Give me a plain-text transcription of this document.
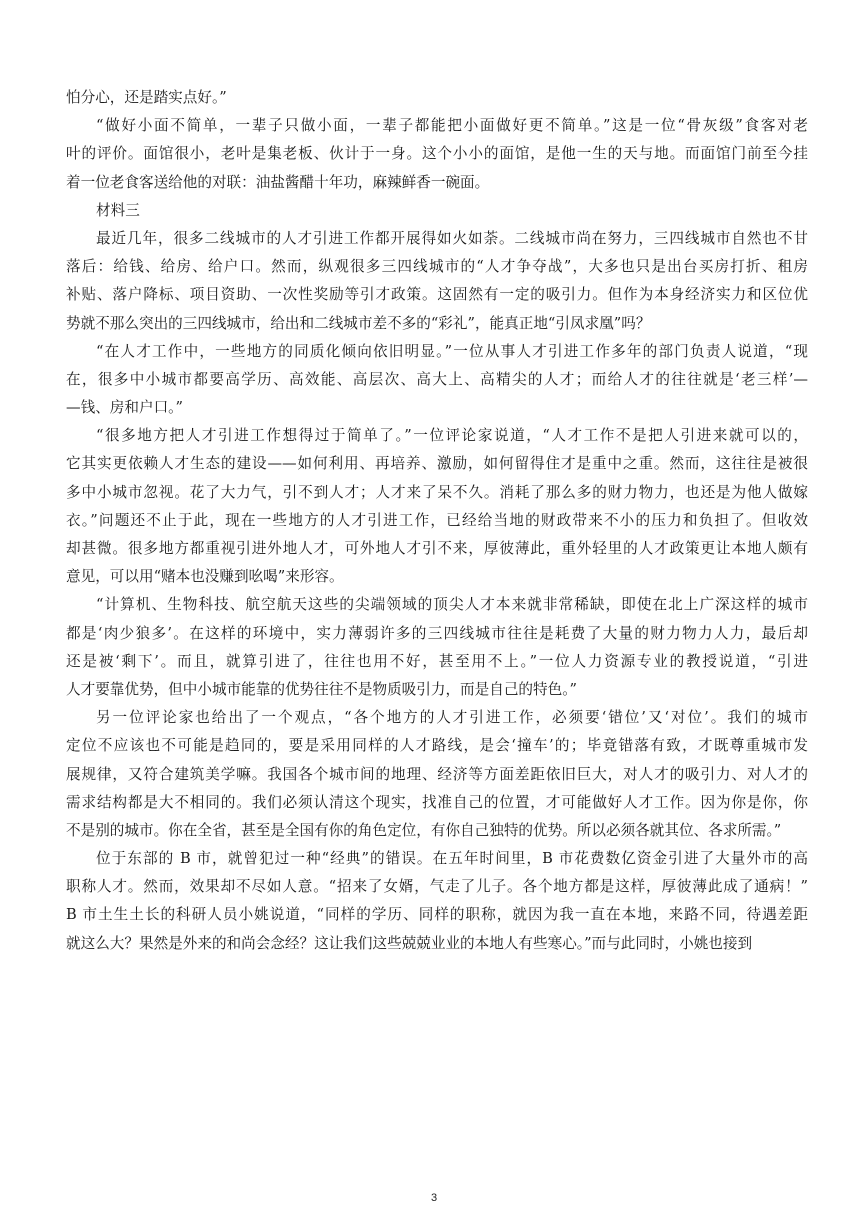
怕分心，还是踏实点好。”
“做好小面不简单，一辈子只做小面，一辈子都能把小面做好更不简单。”这是一位“骨灰级”食客对老
叶的评价。面馆很小，老叶是集老板、伙计于一身。这个小小的面馆，是他一生的天与地。而面馆门前至今挂
着一位老食客送给他的对联：油盐酱醋十年功，麻辣鲜香一碗面。
材料三
最近几年，很多二线城市的人才引进工作都开展得如火如荼。二线城市尚在努力，三四线城市自然也不甘
落后：给钱、给房、给户口。然而，纵观很多三四线城市的“人才争夺战”，大多也只是出台买房打折、租房
补贴、落户降标、项目资助、一次性奖励等引才政策。这固然有一定的吸引力。但作为本身经济实力和区位优
势就不那么突出的三四线城市，给出和二线城市差不多的“彩礼”，能真正地“引凤求凰”吗？
“在人才工作中，一些地方的同质化倾向依旧明显。”一位从事人才引进工作多年的部门负责人说道，“现
在，很多中小城市都要高学历、高效能、高层次、高大上、高精尖的人才；而给人才的往往就是‘老三样’—
—钱、房和户口。”
“很多地方把人才引进工作想得过于简单了。”一位评论家说道，“人才工作不是把人引进来就可以的，
它其实更依赖人才生态的建设——如何利用、再培养、激励，如何留得住才是重中之重。然而，这往往是被很
多中小城市忽视。花了大力气，引不到人才；人才来了呆不久。消耗了那么多的财力物力，也还是为他人做嫁
衣。”问题还不止于此，现在一些地方的人才引进工作，已经给当地的财政带来不小的压力和负担了。但收效
却甚微。很多地方都重视引进外地人才，可外地人才引不来，厚彼薄此，重外轻里的人才政策更让本地人颇有
意见，可以用“赌本也没赚到吆喝”来形容。
“计算机、生物科技、航空航天这些的尖端领域的顶尖人才本来就非常稀缺，即使在北上广深这样的城市
都是‘肉少狼多’。在这样的环境中，实力薄弱许多的三四线城市往往是耗费了大量的财力物力人力，最后却
还是被‘剩下’。而且，就算引进了，往往也用不好，甚至用不上。”一位人力资源专业的教授说道，“引进
人才要靠优势，但中小城市能靠的优势往往不是物质吸引力，而是自己的特色。”
另一位评论家也给出了一个观点，“各个地方的人才引进工作，必须要‘错位’又‘对位’。我们的城市
定位不应该也不可能是趋同的，要是采用同样的人才路线，是会‘撞车’的；毕竟错落有致，才既尊重城市发
展规律，又符合建筑美学嘛。我国各个城市间的地理、经济等方面差距依旧巨大，对人才的吸引力、对人才的
需求结构都是大不相同的。我们必须认清这个现实，找准自己的位置，才可能做好人才工作。因为你是你，你
不是别的城市。你在全省，甚至是全国有你的角色定位，有你自己独特的优势。所以必须各就其位、各求所需。”
位于东部的 B 市，就曾犯过一种“经典”的错误。在五年时间里，B 市花费数亿资金引进了大量外市的高
职称人才。然而，效果却不尽如人意。“招来了女婿，气走了儿子。各个地方都是这样，厚彼薄此成了通病！”
B 市土生土长的科研人员小姚说道，“同样的学历、同样的职称，就因为我一直在本地，来路不同，待遇差距
就这么大？果然是外来的和尚会念经？这让我们这些兢兢业业的本地人有些寒心。”而与此同时，小姚也接到
3
